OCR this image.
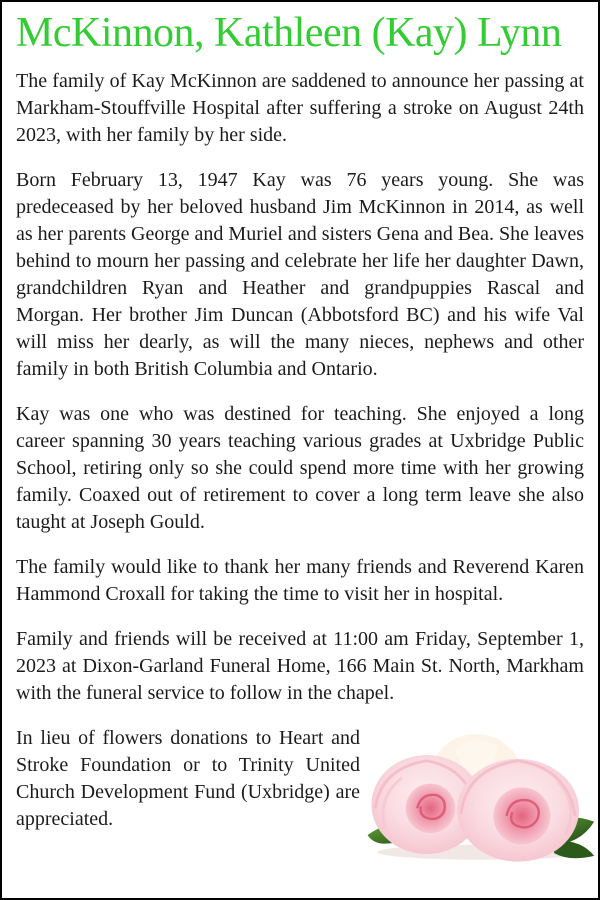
McKinnon, Kathleen (Kay) Lynn

The family of Kay McKinnon are saddened to announce her passing at Markham-Stouffville Hospital after suffering a stroke on August 24th 2023, with her family by her side.

Born February 13, 1947 Kay was 76 years young. She was predeceased by her beloved husband Jim McKinnon in 2014, as well as her parents George and Muriel and sisters Gena and Bea. She leaves behind to mourn her passing and celebrate her life her daughter Dawn, grandchildren Ryan and Heather and grandpuppies Rascal and Morgan. Her brother Jim Duncan (Abbotsford BC) and his wife Val will miss her dearly, as will the many nieces, nephews and other family in both British Columbia and Ontario.

Kay was one who was destined for teaching. She enjoyed a long career spanning 30 years teaching various grades at Uxbridge Public School, retiring only so she could spend more time with her growing family. Coaxed out of retirement to cover a long term leave she also taught at Joseph Gould.

The family would like to thank her many friends and Reverend Karen Hammond Croxall for taking the time to visit her in hospital.

Family and friends will be received at 11:00 am Friday, September 1, 2023 at Dixon-Garland Funeral Home, 166 Main St. North, Markham with the funeral service to follow in the chapel.

In lieu of flowers donations to Heart and Stroke Foundation or to Trinity United Church Development Fund (Uxbridge) are appreciated.
